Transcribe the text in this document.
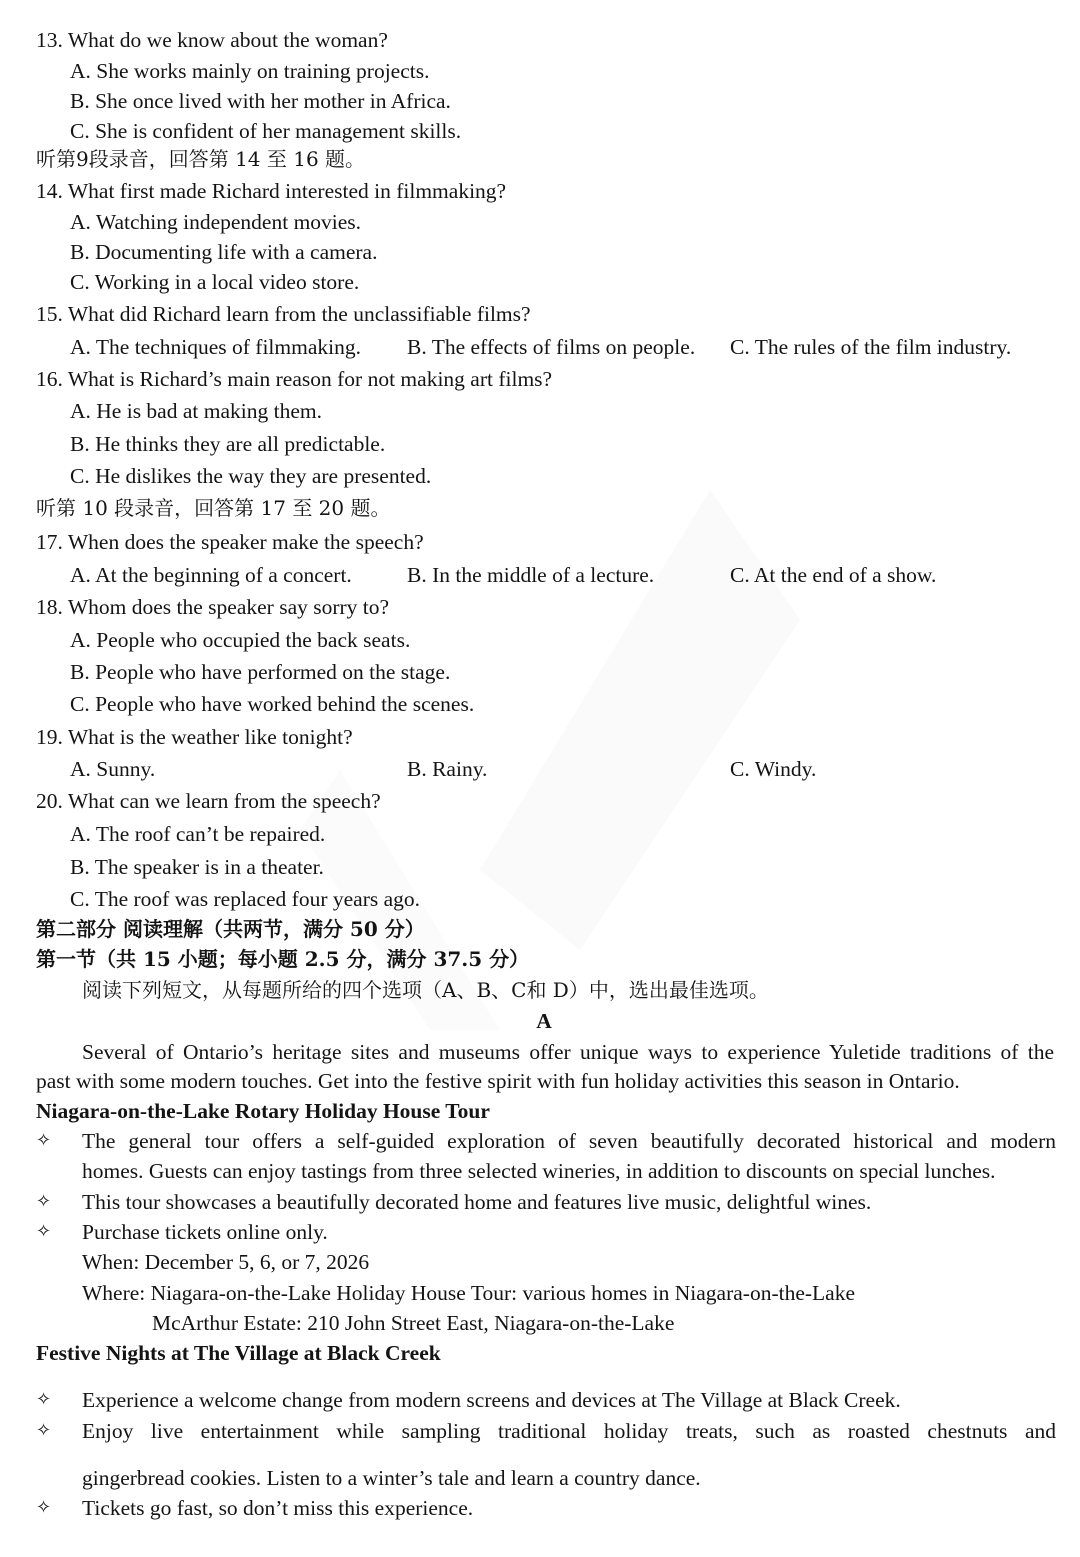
13. What do we know about the woman?
A. She works mainly on training projects.
B. She once lived with her mother in Africa.
C. She is confident of her management skills.
听第9段录音，回答第 14 至 16 题。
14. What first made Richard interested in filmmaking?
A. Watching independent movies.
B. Documenting life with a camera.
C. Working in a local video store.
15. What did Richard learn from the unclassifiable films?
A. The techniques of filmmaking. B. The effects of films on people. C. The rules of the film industry.
16. What is Richard’s main reason for not making art films?
A. He is bad at making them.
B. He thinks they are all predictable.
C. He dislikes the way they are presented.
听第 10 段录音，回答第 17 至 20 题。
17. When does the speaker make the speech?
A. At the beginning of a concert.	B. In the middle of a lecture.	C. At the end of a show.
18. Whom does the speaker say sorry to?
A. People who occupied the back seats.
B. People who have performed on the stage.
C. People who have worked behind the scenes.
19. What is the weather like tonight?
A. Sunny.	B. Rainy.	C. Windy.
20. What can we learn from the speech?
A. The roof can’t be repaired.
B. The speaker is in a theater.
C. The roof was replaced four years ago.
第二部分 阅读理解（共两节，满分 50 分）
第一节（共 15 小题；每小题 2.5 分，满分 37.5 分）
阅读下列短文，从每题所给的四个选项（A、B、C和 D）中，选出最佳选项。
A
Several of Ontario’s heritage sites and museums offer unique ways to experience Yuletide traditions of the
past with some modern touches. Get into the festive spirit with fun holiday activities this season in Ontario.
Niagara-on-the-Lake Rotary Holiday House Tour
✧ The general tour offers a self-guided exploration of seven beautifully decorated historical and modern
homes. Guests can enjoy tastings from three selected wineries, in addition to discounts on special lunches.
✧ This tour showcases a beautifully decorated home and features live music, delightful wines.
✧ Purchase tickets online only.
When: December 5, 6, or 7, 2026
Where: Niagara-on-the-Lake Holiday House Tour: various homes in Niagara-on-the-Lake
McArthur Estate: 210 John Street East, Niagara-on-the-Lake
Festive Nights at The Village at Black Creek
✧ Experience a welcome change from modern screens and devices at The Village at Black Creek.
✧ Enjoy live entertainment while sampling traditional holiday treats, such as roasted chestnuts and
gingerbread cookies. Listen to a winter’s tale and learn a country dance.
✧ Tickets go fast, so don’t miss this experience.
